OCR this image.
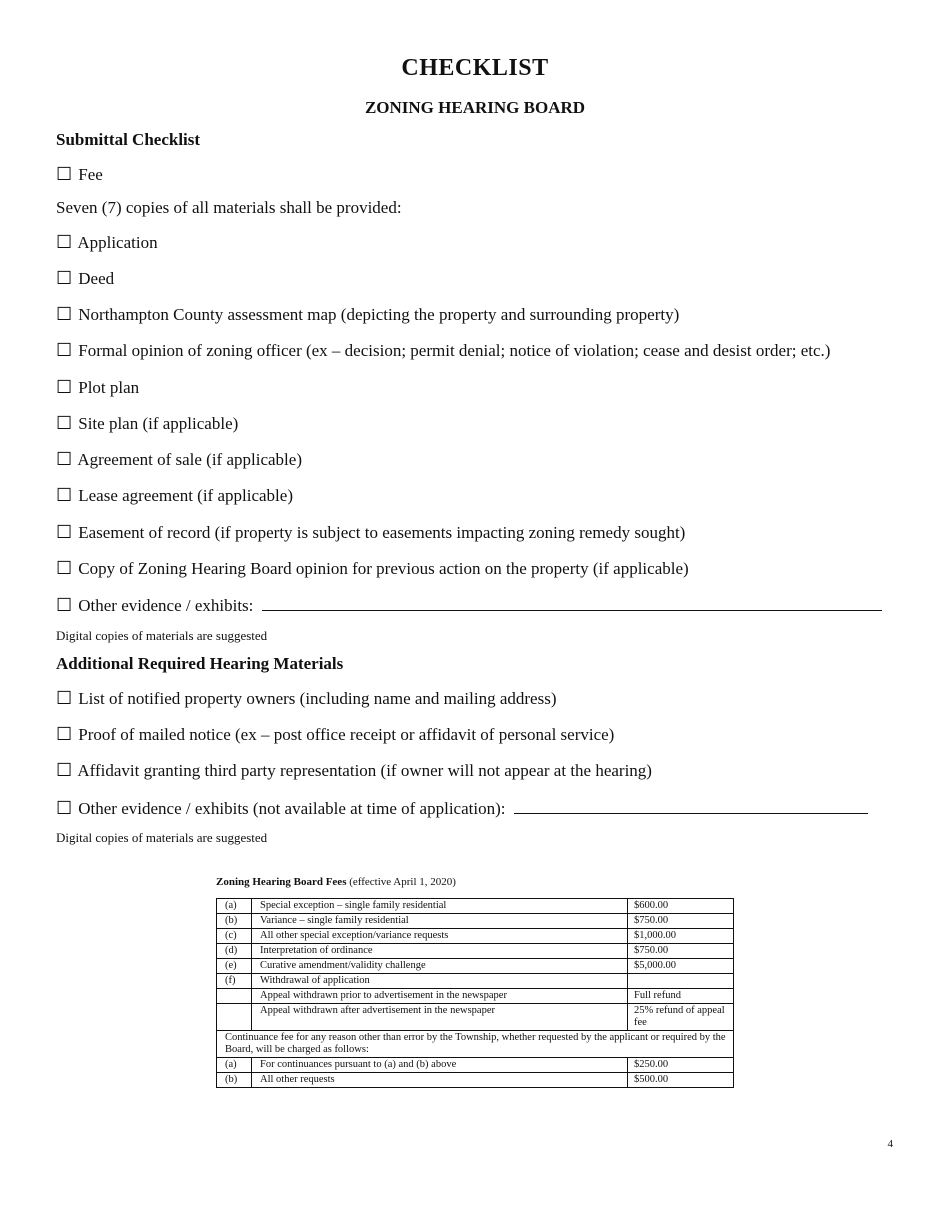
CHECKLIST
ZONING HEARING BOARD
Submittal Checklist
☐ Fee
Seven (7) copies of all materials shall be provided:
☐ Application
☐ Deed
☐ Northampton County assessment map (depicting the property and surrounding property)
☐ Formal opinion of zoning officer (ex – decision; permit denial; notice of violation; cease and desist order; etc.)
☐ Plot plan
☐ Site plan (if applicable)
☐ Agreement of sale (if applicable)
☐ Lease agreement (if applicable)
☐ Easement of record (if property is subject to easements impacting zoning remedy sought)
☐ Copy of Zoning Hearing Board opinion for previous action on the property (if applicable)
☐ Other evidence / exhibits:
Digital copies of materials are suggested
Additional Required Hearing Materials
☐ List of notified property owners (including name and mailing address)
☐ Proof of mailed notice (ex – post office receipt or affidavit of personal service)
☐ Affidavit granting third party representation (if owner will not appear at the hearing)
☐ Other evidence / exhibits (not available at time of application):
Digital copies of materials are suggested
Zoning Hearing Board Fees (effective April 1, 2020)
(a)	Special exception – single family residential	$600.00
(b)	Variance – single family residential	$750.00
(c)	All other special exception/variance requests	$1,000.00
(d)	Interpretation of ordinance	$750.00
(e)	Curative amendment/validity challenge	$5,000.00
(f)	Withdrawal of application	
	Appeal withdrawn prior to advertisement in the newspaper	Full refund
	Appeal withdrawn after advertisement in the newspaper	25% refund of appeal fee
Continuance fee for any reason other than error by the Township, whether requested by the applicant or required by the Board, will be charged as follows:		
(a)	For continuances pursuant to (a) and (b) above	$250.00
(b)	All other requests	$500.00
4
